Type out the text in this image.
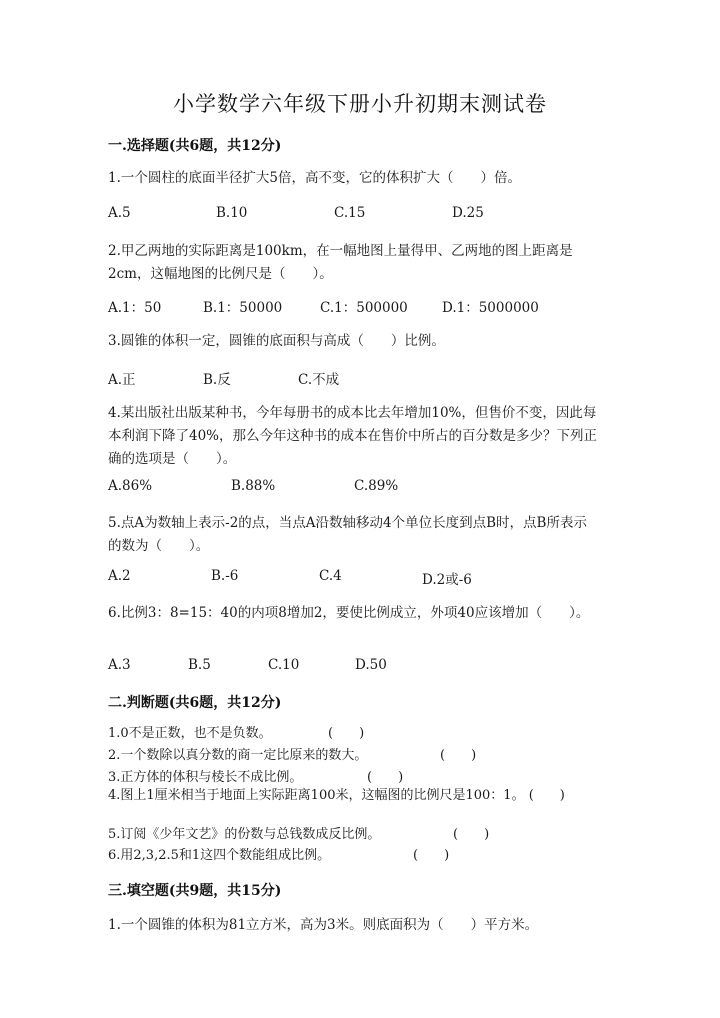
小学数学六年级下册小升初期末测试卷
一.选择题(共6题，共12分)
1.一个圆柱的底面半径扩大5倍，高不变，它的体积扩大（　　）倍。
A.5	B.10	C.15	D.25
2.甲乙两地的实际距离是100km，在一幅地图上量得甲、乙两地的图上距离是2cm，这幅地图的比例尺是（　　）。
A.1：50	B.1：50000	C.1：500000	D.1：5000000
3.圆锥的体积一定，圆锥的底面积与高成（　　）比例。
A.正	B.反	C.不成
4.某出版社出版某种书，今年每册书的成本比去年增加10%，但售价不变，因此每本利润下降了40%，那么今年这种书的成本在售价中所占的百分数是多少？下列正确的选项是（　　）。
A.86%	B.88%	C.89%
5.点A为数轴上表示-2的点，当点A沿数轴移动4个单位长度到点B时，点B所表示的数为（　　）。
A.2	B.-6	C.4	D.2或-6
6.比例3：8=15：40的内项8增加2，要使比例成立，外项40应该增加（　　）。
A.3	B.5	C.10	D.50
二.判断题(共6题，共12分)
1.0不是正数，也不是负数。	(　　)
2.一个数除以真分数的商一定比原来的数大。	(　　)
3.正方体的体积与棱长不成比例。	(　　)
4.图上1厘米相当于地面上实际距离100米，这幅图的比例尺是100：1。 (　　)
5.订阅《少年文艺》的份数与总钱数成反比例。	(　　)
6.用2,3,2.5和1这四个数能组成比例。	(　　)
三.填空题(共9题，共15分)
1.一个圆锥的体积为81立方米，高为3米。则底面积为（　　）平方米。
